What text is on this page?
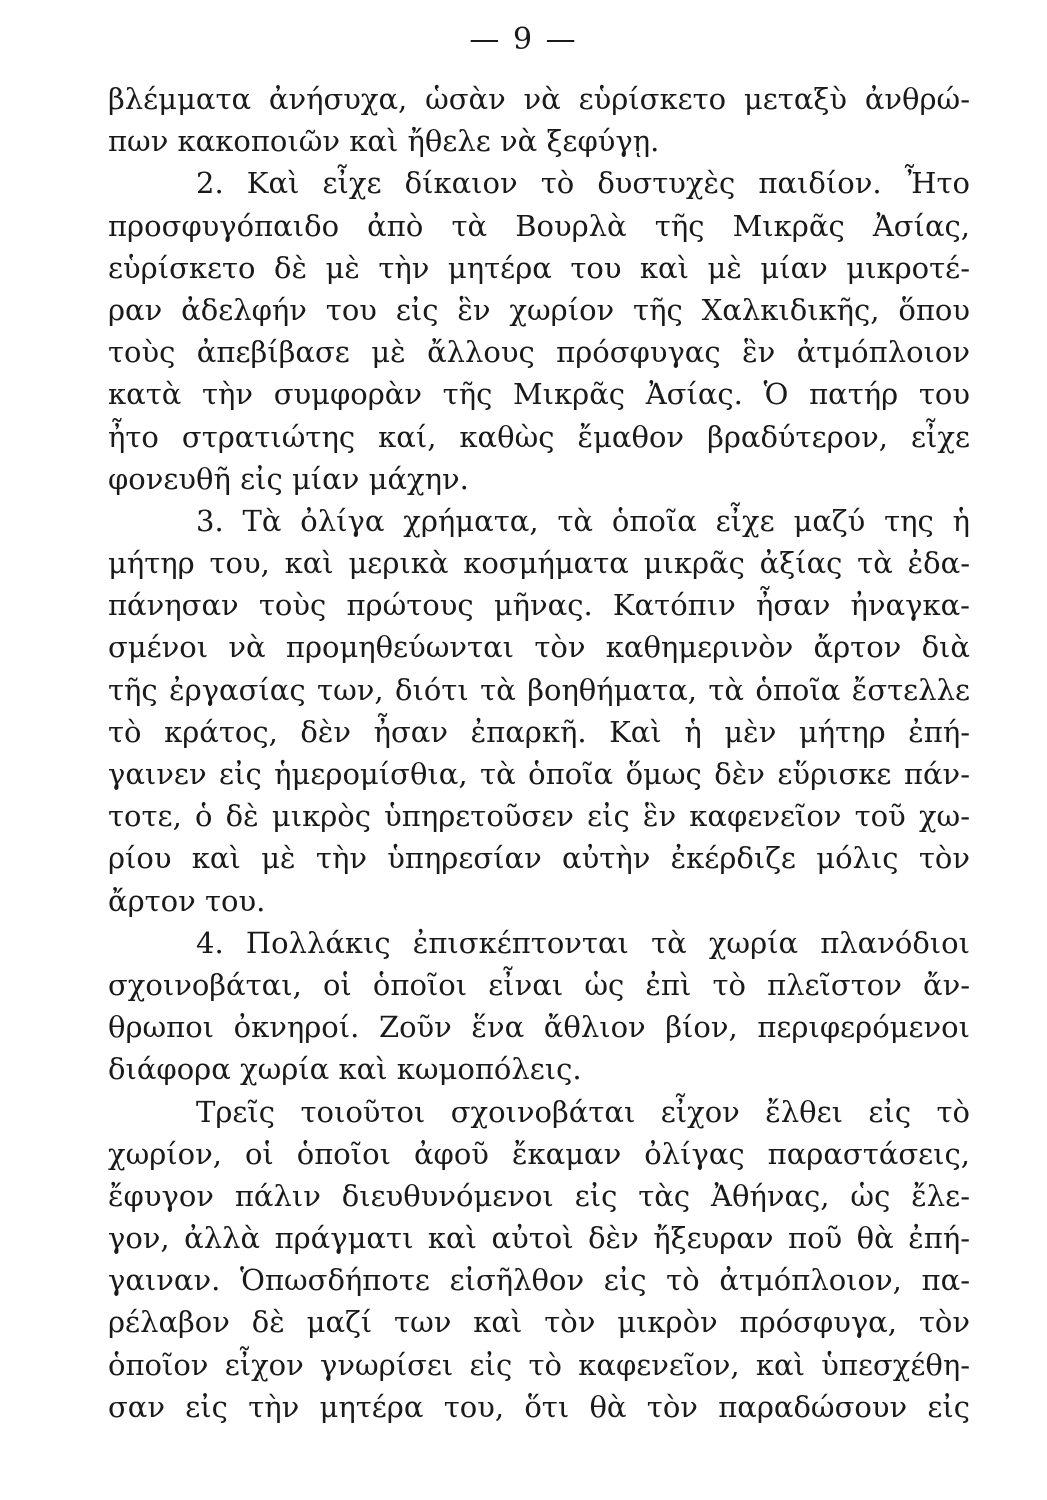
— 9 —
βλέμματα ἀνήσυχα, ὡσὰν νὰ εὑρίσκετο μεταξὺ ἀνθρώ-
πων κακοποιῶν καὶ ἤθελε νὰ ξεφύγῃ.
2. Καὶ εἶχε δίκαιον τὸ δυστυχὲς παιδίον. Ἦτο
προσφυγόπαιδο ἀπὸ τὰ Βουρλὰ τῆς Μικρᾶς Ἀσίας,
εὑρίσκετο δὲ μὲ τὴν μητέρα του καὶ μὲ μίαν μικροτέ-
ραν ἀδελφήν του εἰς ἓν χωρίον τῆς Χαλκιδικῆς, ὅπου
τοὺς ἀπεβίβασε μὲ ἄλλους πρόσφυγας ἓν ἀτμόπλοιον
κατὰ τὴν συμφορὰν τῆς Μικρᾶς Ἀσίας. Ὁ πατήρ του
ἦτο στρατιώτης καί, καθὼς ἔμαθον βραδύτερον, εἶχε
φονευθῆ εἰς μίαν μάχην.
3. Τὰ ὀλίγα χρήματα, τὰ ὁποῖα εἶχε μαζύ της ἡ
μήτηρ του, καὶ μερικὰ κοσμήματα μικρᾶς ἀξίας τὰ ἐδα-
πάνησαν τοὺς πρώτους μῆνας. Κατόπιν ἦσαν ἠναγκα-
σμένοι νὰ προμηθεύωνται τὸν καθημερινὸν ἄρτον διὰ
τῆς ἐργασίας των, διότι τὰ βοηθήματα, τὰ ὁποῖα ἔστελλε
τὸ κράτος, δὲν ἦσαν ἐπαρκῆ. Καὶ ἡ μὲν μήτηρ ἐπή-
γαινεν εἰς ἡμερομίσθια, τὰ ὁποῖα ὅμως δὲν εὕρισκε πάν-
τοτε, ὁ δὲ μικρὸς ὑπηρετοῦσεν εἰς ἓν καφενεῖον τοῦ χω-
ρίου καὶ μὲ τὴν ὑπηρεσίαν αὐτὴν ἐκέρδιζε μόλις τὸν
ἄρτον του.
4. Πολλάκις ἐπισκέπτονται τὰ χωρία πλανόδιοι
σχοινοβάται, οἱ ὁποῖοι εἶναι ὡς ἐπὶ τὸ πλεῖστον ἄν-
θρωποι ὀκνηροί. Ζοῦν ἕνα ἄθλιον βίον, περιφερόμενοι
διάφορα χωρία καὶ κωμοπόλεις.
Τρεῖς τοιοῦτοι σχοινοβάται εἶχον ἔλθει εἰς τὸ
χωρίον, οἱ ὁποῖοι ἀφοῦ ἔκαμαν ὀλίγας παραστάσεις,
ἔφυγον πάλιν διευθυνόμενοι εἰς τὰς Ἀθήνας, ὡς ἔλε-
γον, ἀλλὰ πράγματι καὶ αὐτοὶ δὲν ἤξευραν ποῦ θὰ ἐπή-
γαιναν. Ὁπωσδήποτε εἰσῆλθον εἰς τὸ ἀτμόπλοιον, πα-
ρέλαβον δὲ μαζί των καὶ τὸν μικρὸν πρόσφυγα, τὸν
ὁποῖον εἶχον γνωρίσει εἰς τὸ καφενεῖον, καὶ ὑπεσχέθη-
σαν εἰς τὴν μητέρα του, ὅτι θὰ τὸν παραδώσουν εἰς
